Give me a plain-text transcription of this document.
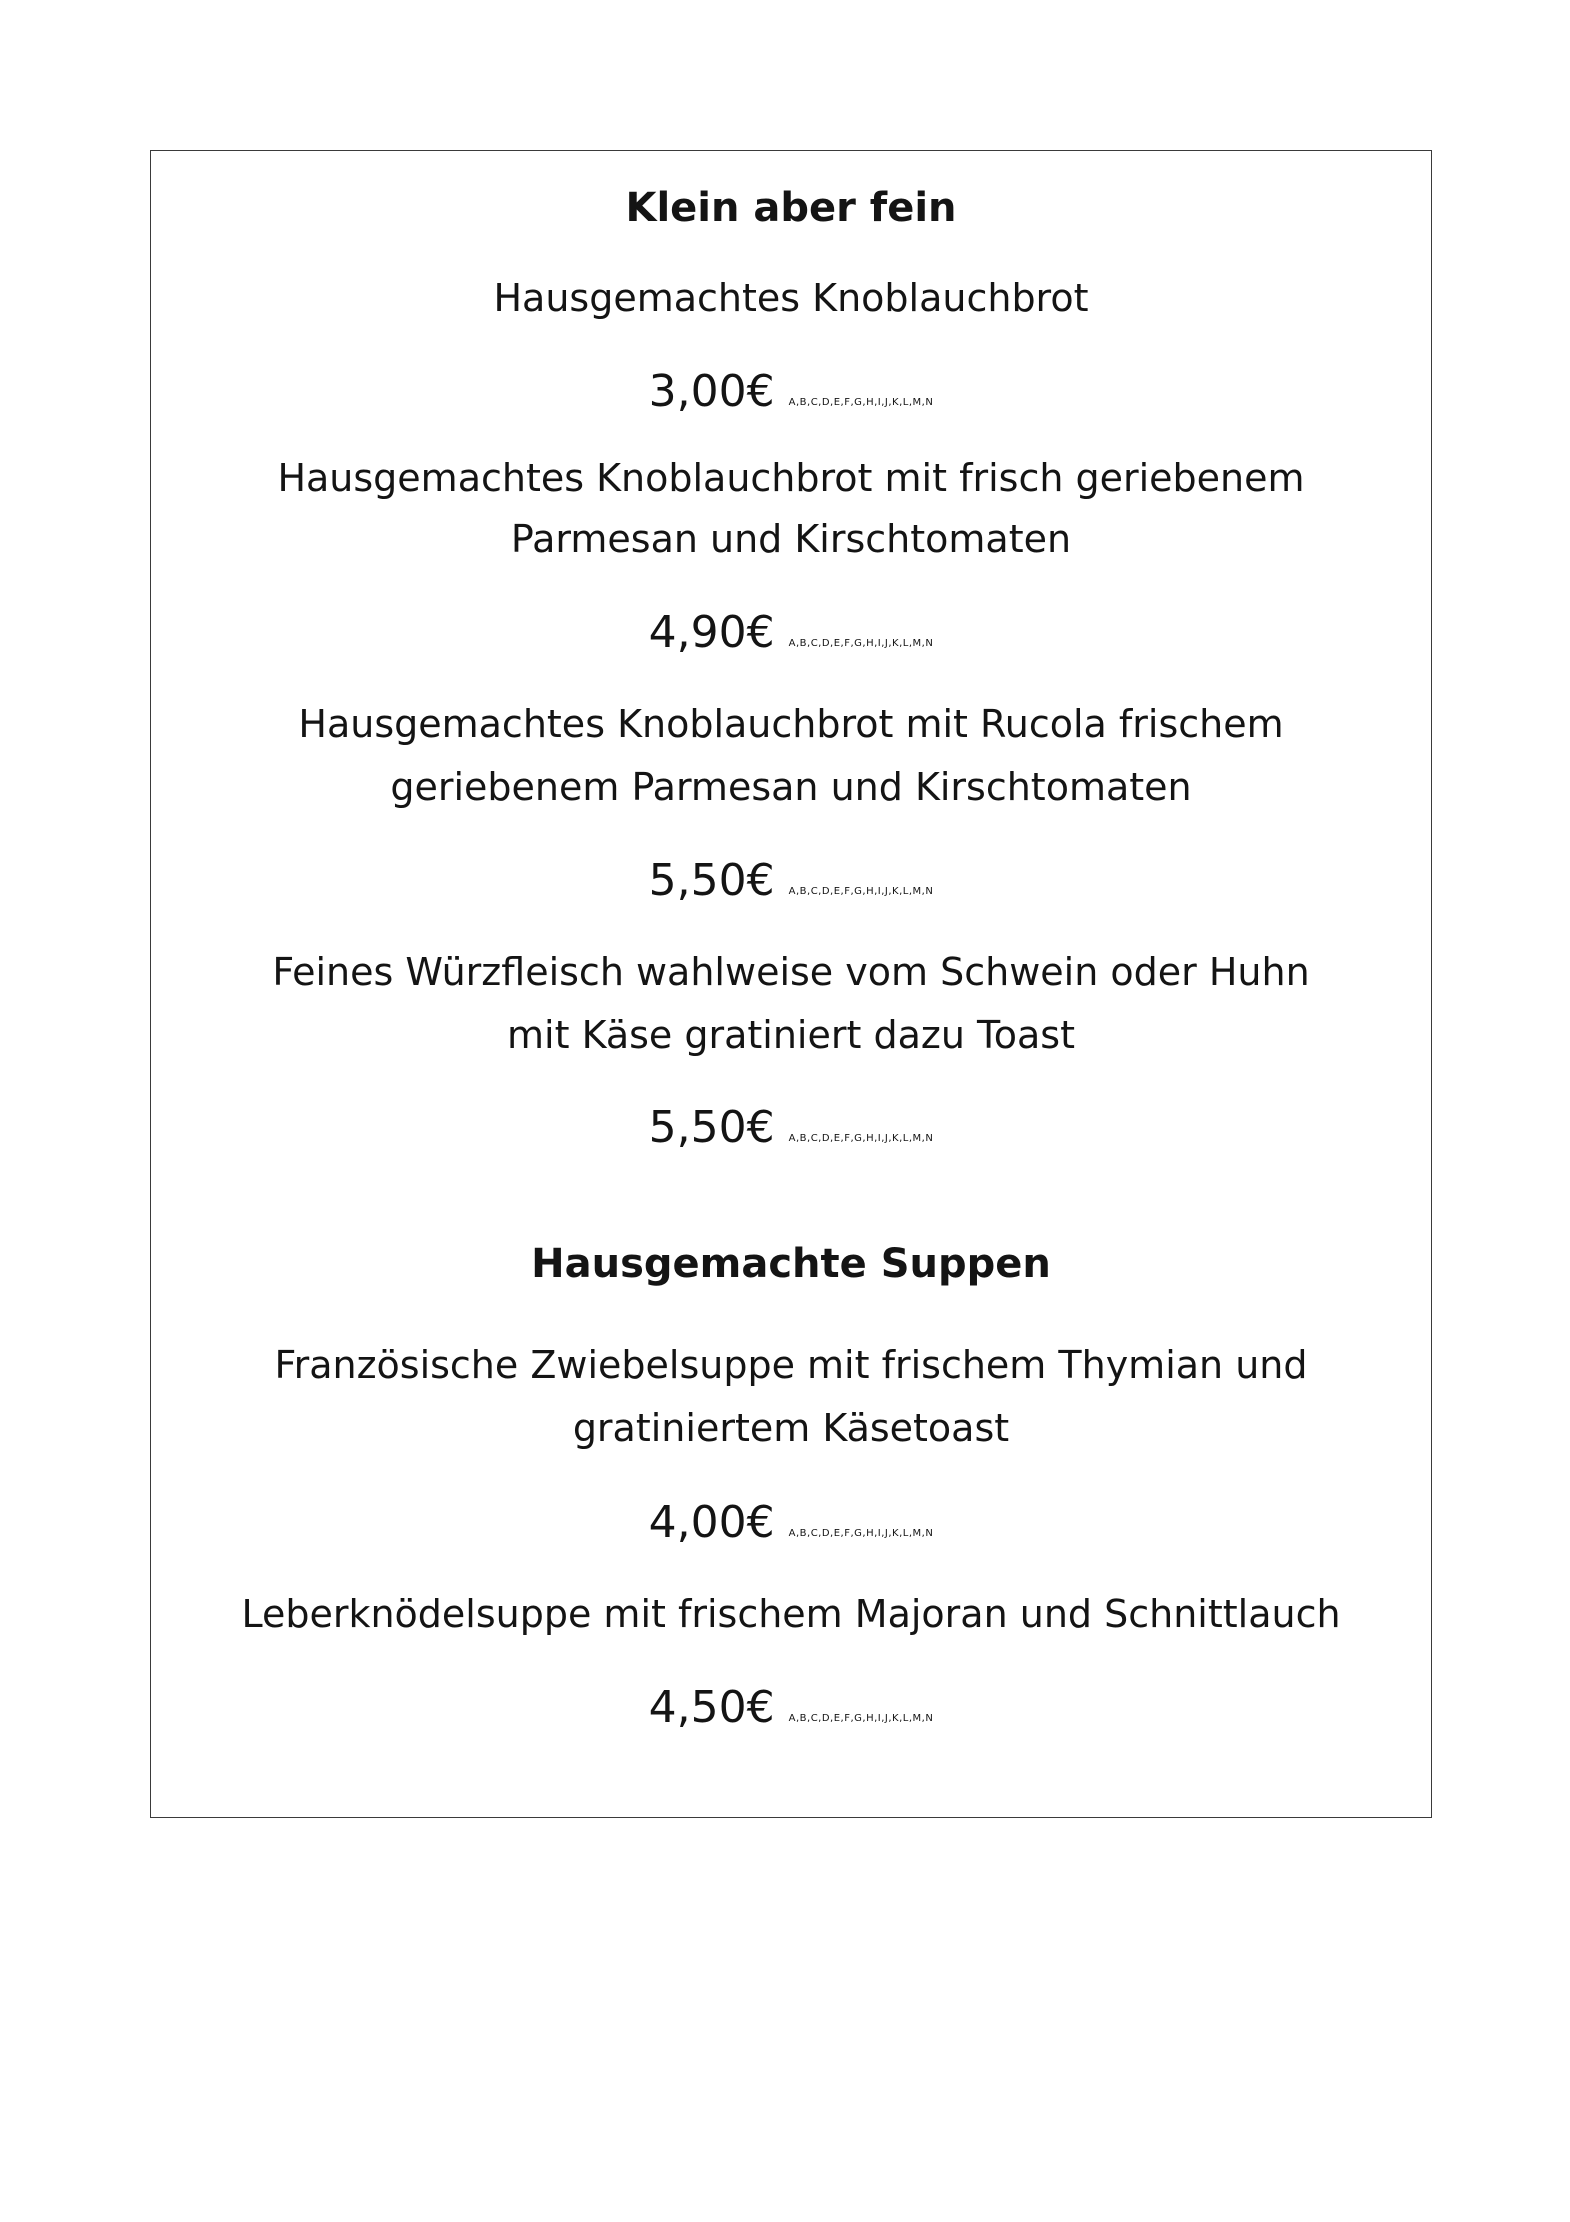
Klein aber fein
Hausgemachtes Knoblauchbrot
3,00€ A,B,C,D,E,F,G,H,I,J,K,L,M,N
Hausgemachtes Knoblauchbrot mit frisch geriebenem
Parmesan und Kirschtomaten
4,90€ A,B,C,D,E,F,G,H,I,J,K,L,M,N
Hausgemachtes Knoblauchbrot mit Rucola frischem
geriebenem Parmesan und Kirschtomaten
5,50€ A,B,C,D,E,F,G,H,I,J,K,L,M,N
Feines Würzfleisch wahlweise vom Schwein oder Huhn
mit Käse gratiniert dazu Toast
5,50€ A,B,C,D,E,F,G,H,I,J,K,L,M,N
Hausgemachte Suppen
Französische Zwiebelsuppe mit frischem Thymian und
gratiniertem Käsetoast
4,00€ A,B,C,D,E,F,G,H,I,J,K,L,M,N
Leberknödelsuppe mit frischem Majoran und Schnittlauch
4,50€ A,B,C,D,E,F,G,H,I,J,K,L,M,N
